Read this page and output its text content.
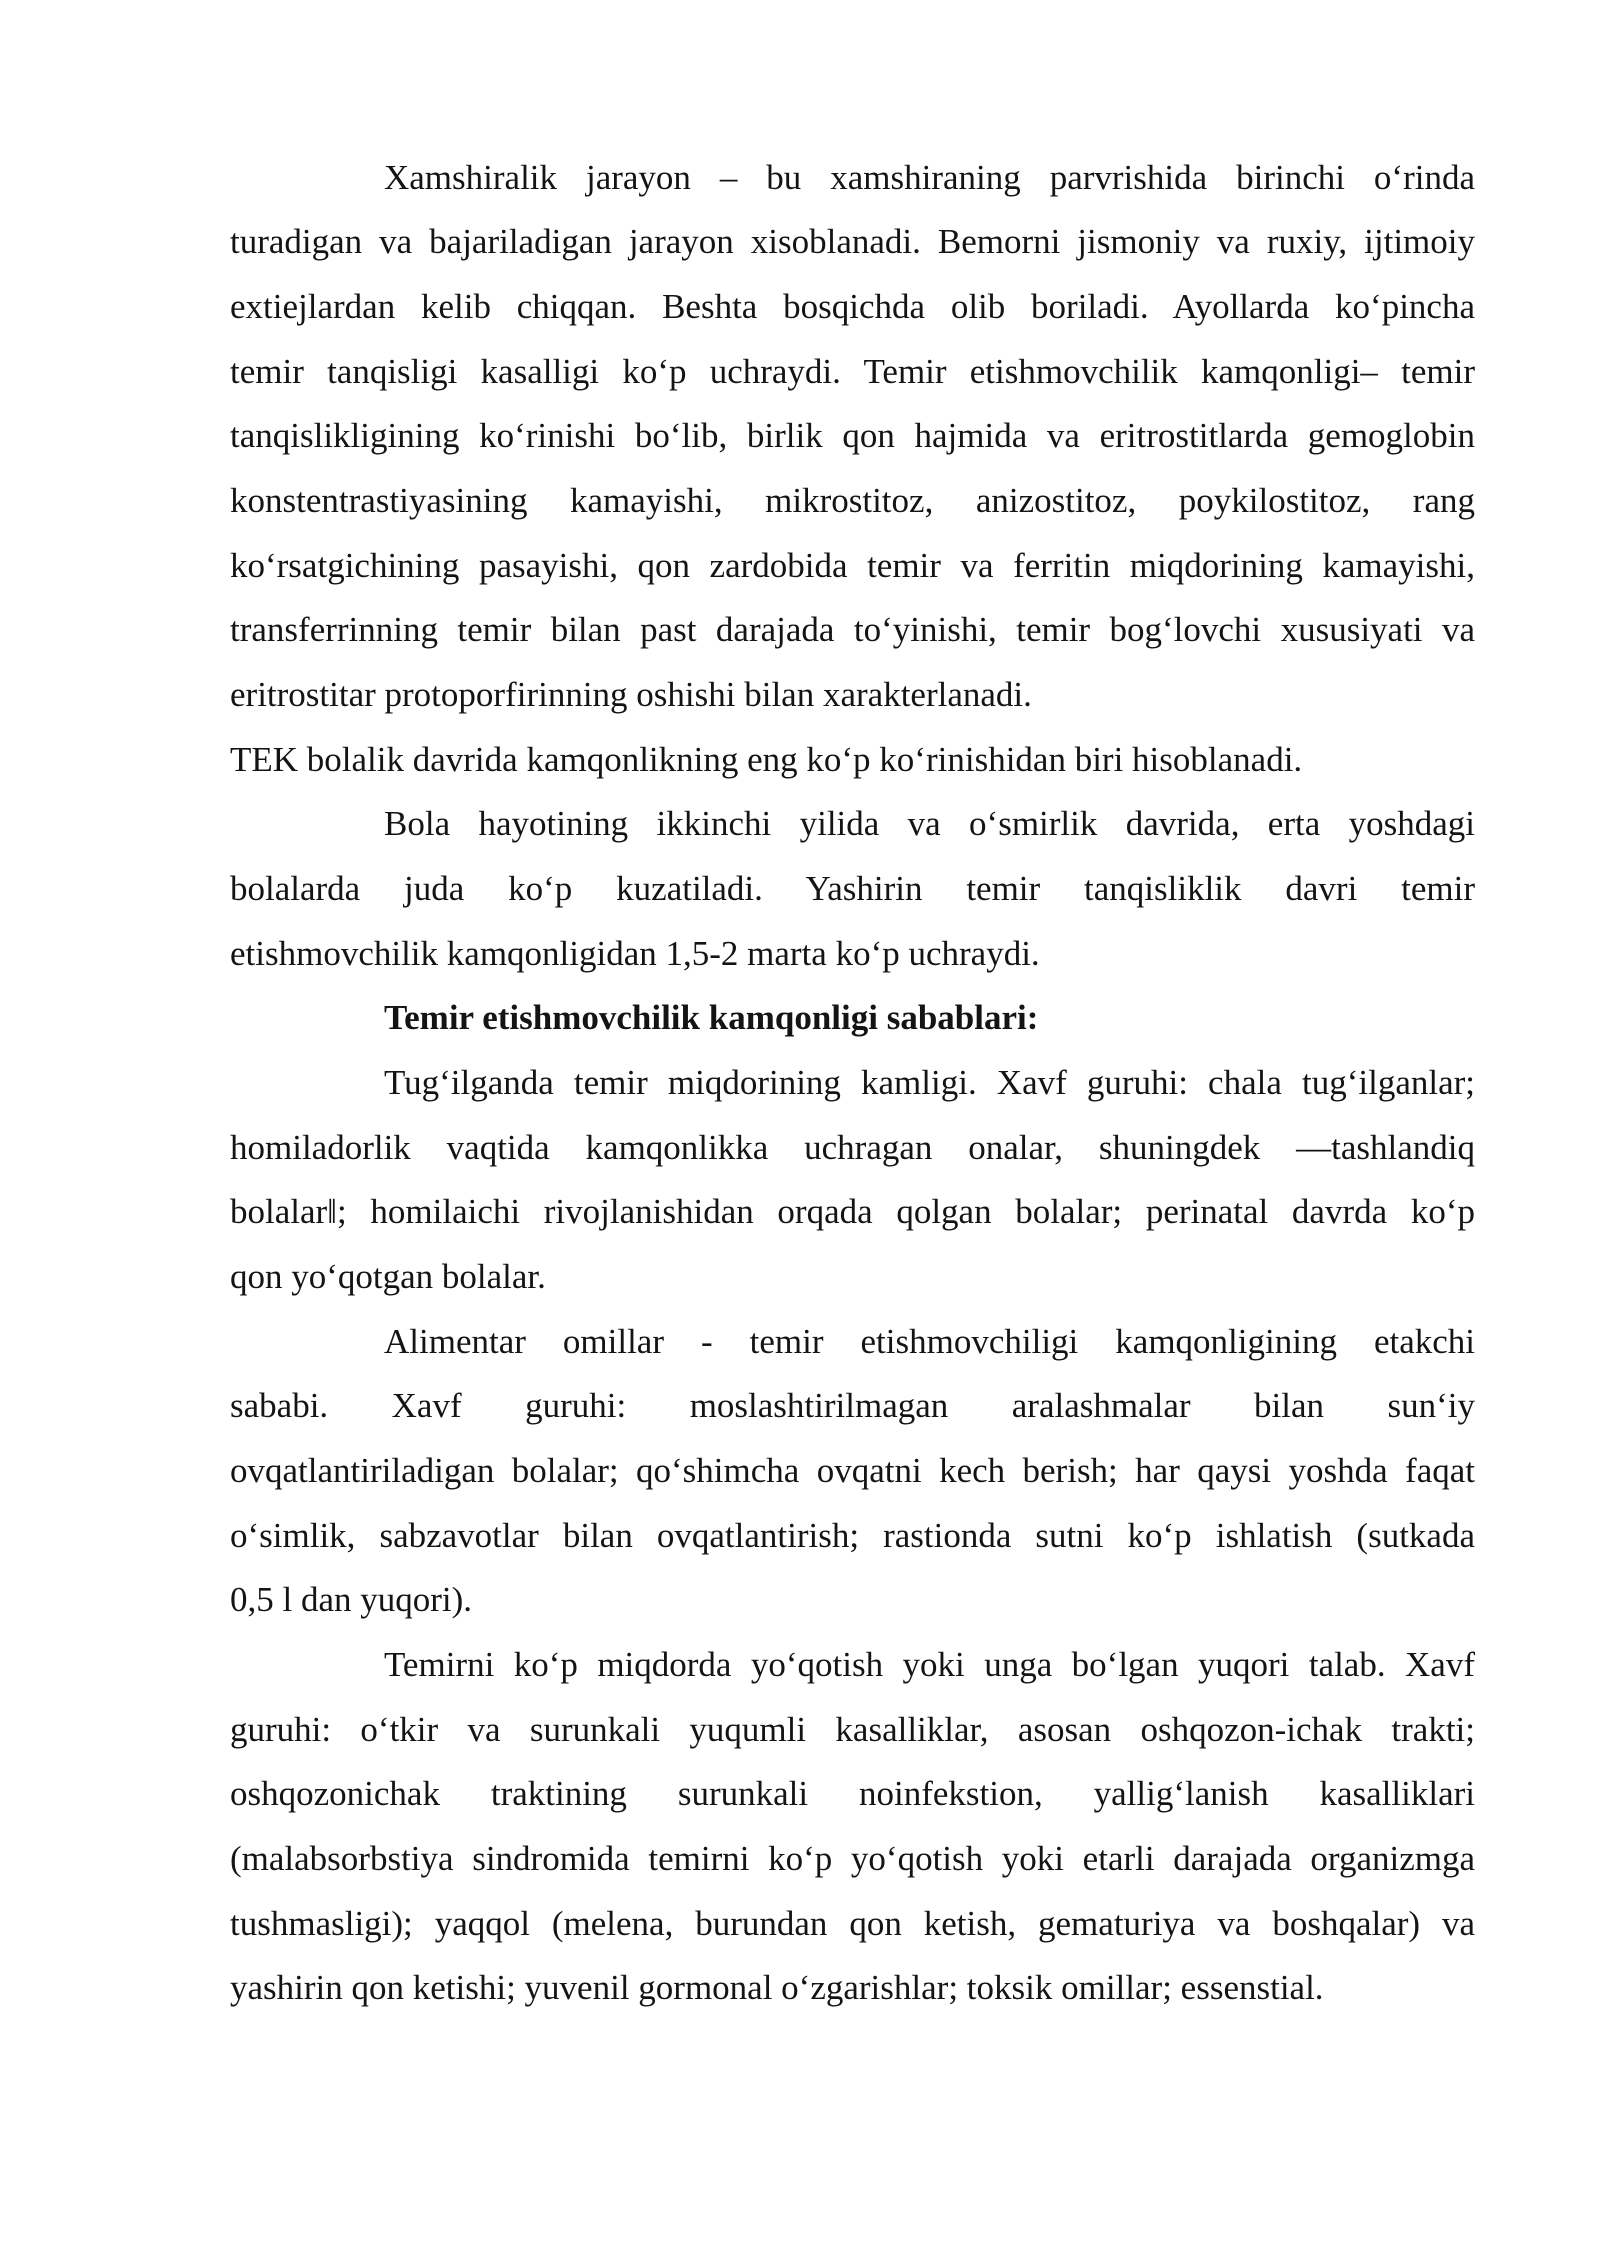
Xamshiralik jarayon – bu xamshiraning parvrishida birinchi o‘rinda
turadigan va bajariladigan jarayon xisoblanadi. Bemorni jismoniy va ruxiy, ijtimoiy
extiejlardan kelib chiqqan. Beshta bosqichda olib boriladi. Ayollarda ko‘pincha
temir tanqisligi kasalligi ko‘p uchraydi. Temir etishmovchilik kamqonligi– temir
tanqislikligining ko‘rinishi bo‘lib, birlik qon hajmida va eritrostitlarda gemoglobin
konstentrastiyasining kamayishi, mikrostitoz, anizostitoz, poykilostitoz, rang
ko‘rsatgichining pasayishi, qon zardobida temir va ferritin miqdorining kamayishi,
transferrinning temir bilan past darajada to‘yinishi, temir bog‘lovchi xususiyati va
eritrostitar protoporfirinning oshishi bilan xarakterlanadi.
TEK bolalik davrida kamqonlikning eng ko‘p ko‘rinishidan biri hisoblanadi.
Bola hayotining ikkinchi yilida va o‘smirlik davrida, erta yoshdagi
bolalarda juda ko‘p kuzatiladi. Yashirin temir tanqisliklik davri temir
etishmovchilik kamqonligidan 1,5-2 marta ko‘p uchraydi.
Temir etishmovchilik kamqonligi sabablari:
Tug‘ilganda temir miqdorining kamligi. Xavf guruhi: chala tug‘ilganlar;
homiladorlik vaqtida kamqonlikka uchragan onalar, shuningdek ―tashlandiq
bolalar‖; homilaichi rivojlanishidan orqada qolgan bolalar; perinatal davrda ko‘p
qon yo‘qotgan bolalar.
Alimentar omillar - temir etishmovchiligi kamqonligining etakchi
sababi. Xavf guruhi: moslashtirilmagan aralashmalar bilan sun‘iy
ovqatlantiriladigan bolalar; qo‘shimcha ovqatni kech berish; har qaysi yoshda faqat
o‘simlik, sabzavotlar bilan ovqatlantirish; rastionda sutni ko‘p ishlatish (sutkada
0,5 l dan yuqori).
Temirni ko‘p miqdorda yo‘qotish yoki unga bo‘lgan yuqori talab. Xavf
guruhi: o‘tkir va surunkali yuqumli kasalliklar, asosan oshqozon-ichak trakti;
oshqozonichak traktining surunkali noinfekstion, yallig‘lanish kasalliklari
(malabsorbstiya sindromida temirni ko‘p yo‘qotish yoki etarli darajada organizmga
tushmasligi); yaqqol (melena, burundan qon ketish, gematuriya va boshqalar) va
yashirin qon ketishi; yuvenil gormonal o‘zgarishlar; toksik omillar; essenstial.
